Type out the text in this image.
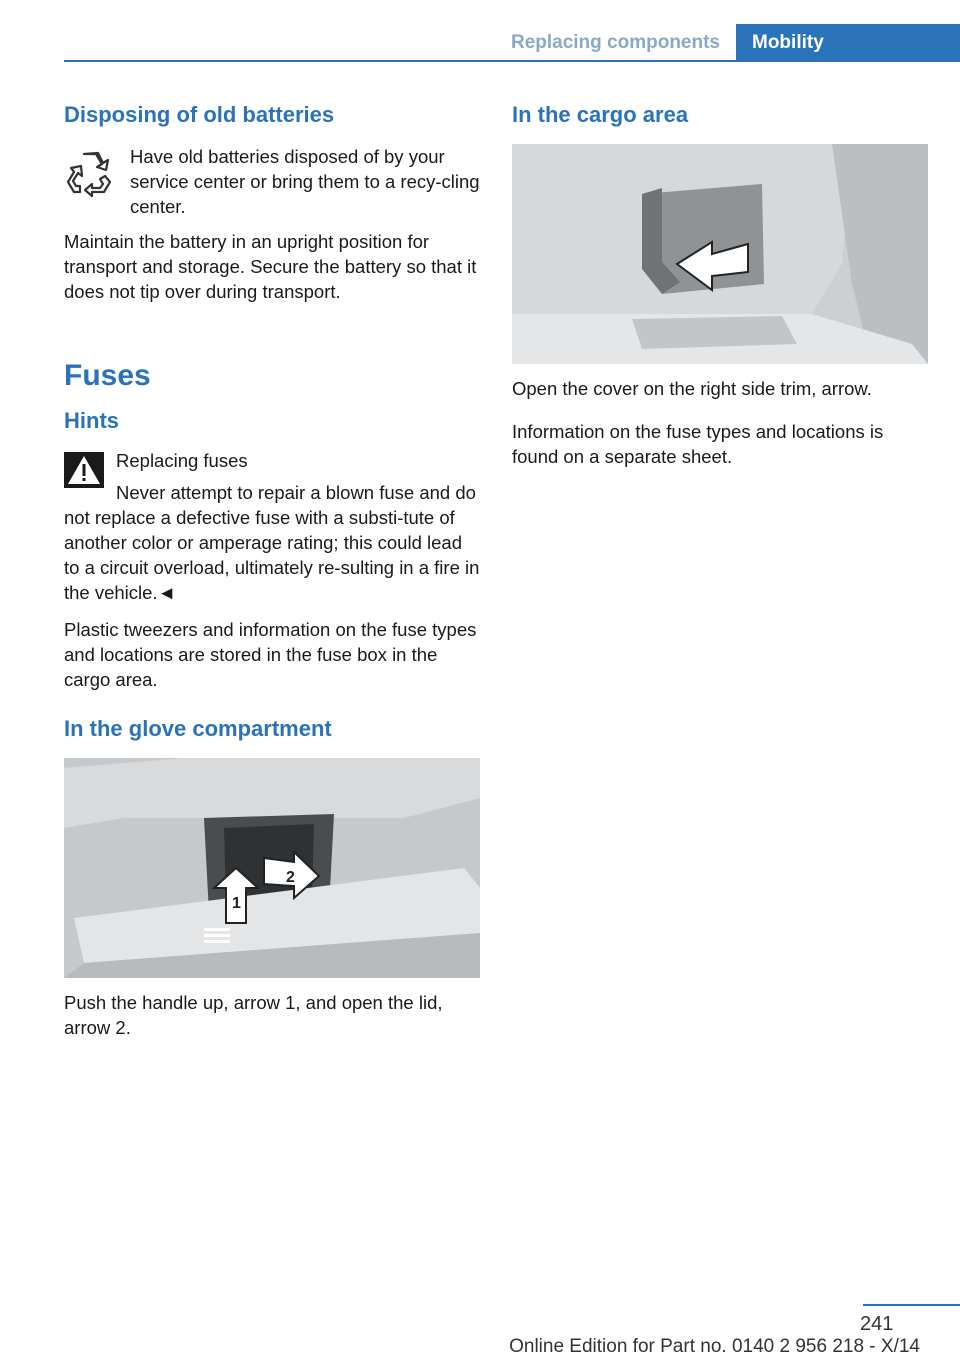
Replacing components	Mobility
Disposing of old batteries

Have old batteries disposed of by your service center or bring them to a recy‐cling center.

Maintain the battery in an upright position for transport and storage. Secure the battery so that it does not tip over during transport.

Fuses
Hints

Replacing fuses

Never attempt to repair a blown fuse and do not replace a defective fuse with a substi‐tute of another color or amperage rating; this could lead to a circuit overload, ultimately re‐sulting in a fire in the vehicle.◄

Plastic tweezers and information on the fuse types and locations are stored in the fuse box in the cargo area.

In the glove compartment
1
2

Push the handle up, arrow 1, and open the lid, arrow 2.

In the cargo area

Open the cover on the right side trim, arrow.

Information on the fuse types and locations is found on a separate sheet.

241
Online Edition for Part no. 0140 2 956 218 - X/14
